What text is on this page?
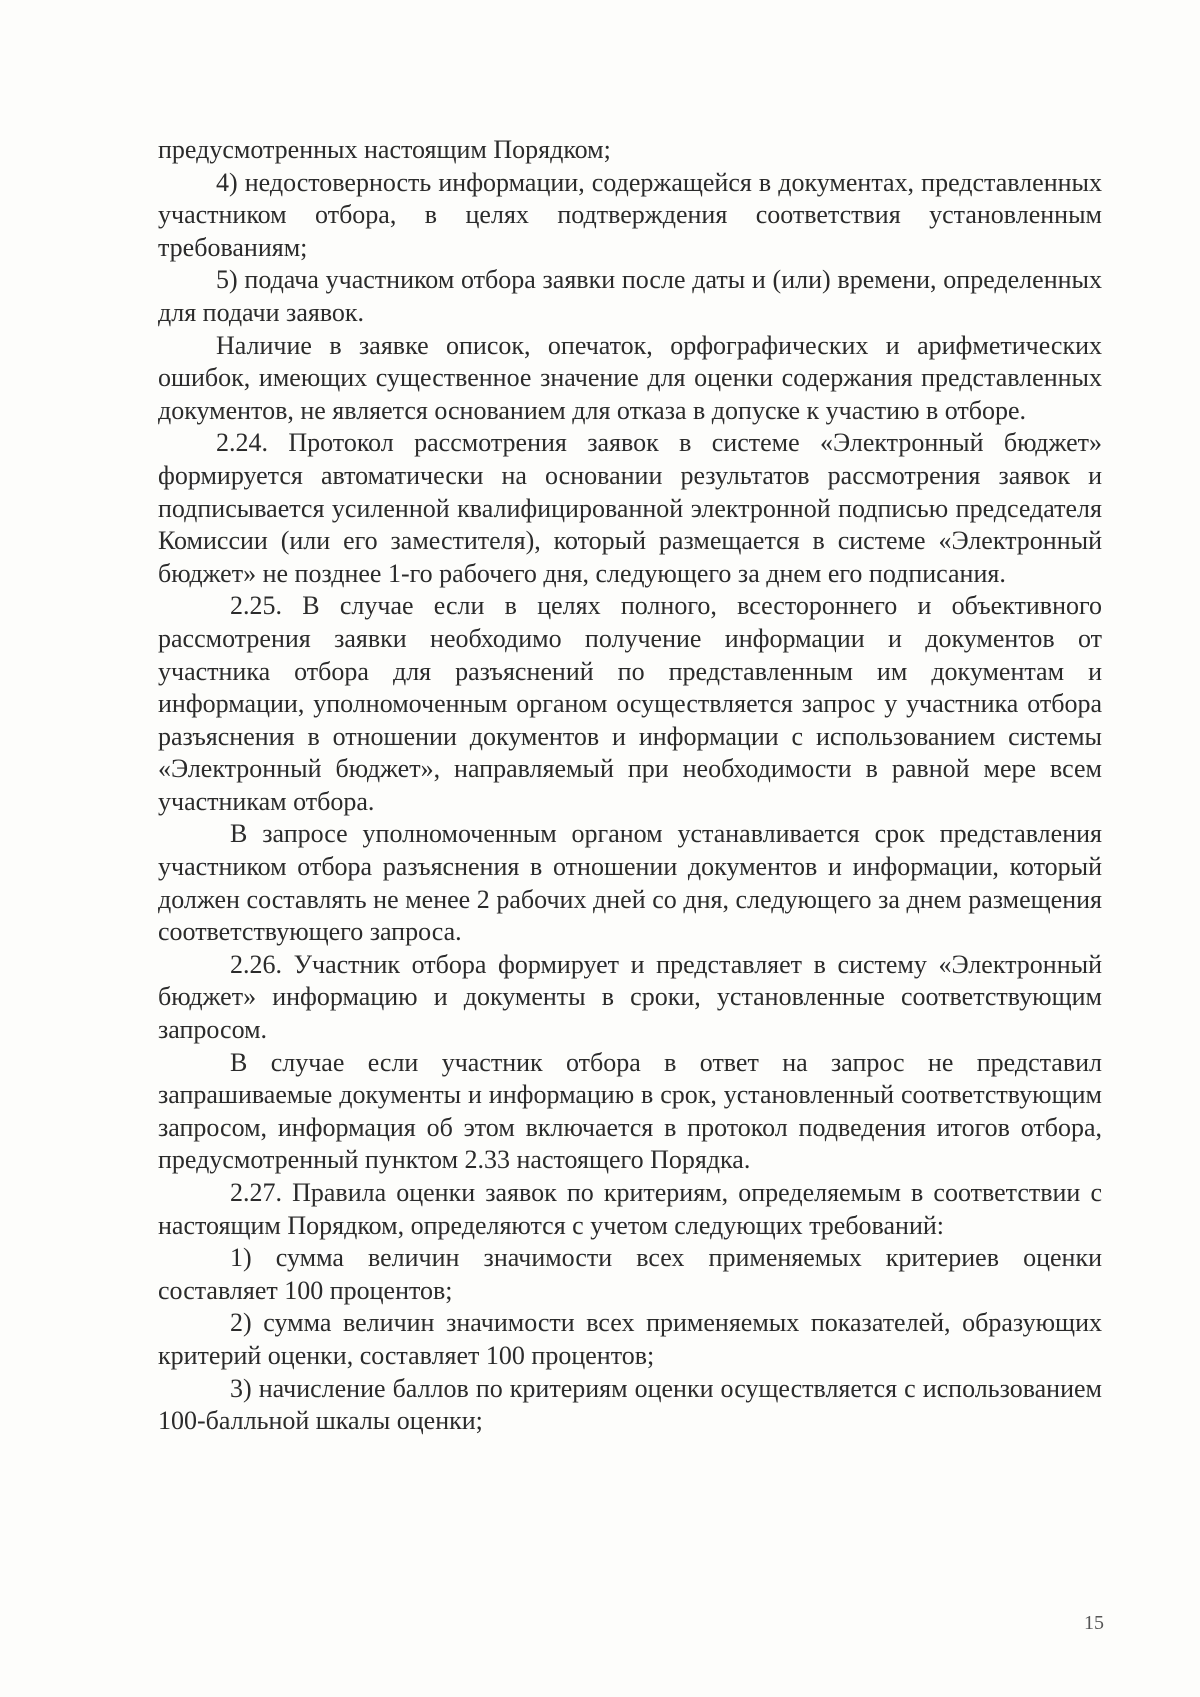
предусмотренных настоящим Порядком;

4) недостоверность информации, содержащейся в документах, представленных участником отбора, в целях подтверждения соответствия установленным требованиям;

5) подача участником отбора заявки после даты и (или) времени, определенных для подачи заявок.

Наличие в заявке описок, опечаток, орфографических и арифметических ошибок, имеющих существенное значение для оценки содержания представленных документов, не является основанием для отказа в допуске к участию в отборе.

2.24. Протокол рассмотрения заявок в системе «Электронный бюджет» формируется автоматически на основании результатов рассмотрения заявок и подписывается усиленной квалифицированной электронной подписью председателя Комиссии (или его заместителя), который размещается в системе «Электронный бюджет» не позднее 1-го рабочего дня, следующего за днем его подписания.

2.25. В случае если в целях полного, всестороннего и объективного рассмотрения заявки необходимо получение информации и документов от участника отбора для разъяснений по представленным им документам и информации, уполномоченным органом осуществляется запрос у участника отбора разъяснения в отношении документов и информации с использованием системы «Электронный бюджет», направляемый при необходимости в равной мере всем участникам отбора.

В запросе уполномоченным органом устанавливается срок представления участником отбора разъяснения в отношении документов и информации, который должен составлять не менее 2 рабочих дней со дня, следующего за днем размещения соответствующего запроса.

2.26. Участник отбора формирует и представляет в систему «Электронный бюджет» информацию и документы в сроки, установленные соответствующим запросом.

В случае если участник отбора в ответ на запрос не представил запрашиваемые документы и информацию в срок, установленный соответствующим запросом, информация об этом включается в протокол подведения итогов отбора, предусмотренный пунктом 2.33 настоящего Порядка.

2.27. Правила оценки заявок по критериям, определяемым в соответствии с настоящим Порядком, определяются с учетом следующих требований:

1) сумма величин значимости всех применяемых критериев оценки составляет 100 процентов;

2) сумма величин значимости всех применяемых показателей, образующих критерий оценки, составляет 100 процентов;

3) начисление баллов по критериям оценки осуществляется с использованием 100-балльной шкалы оценки;

15
